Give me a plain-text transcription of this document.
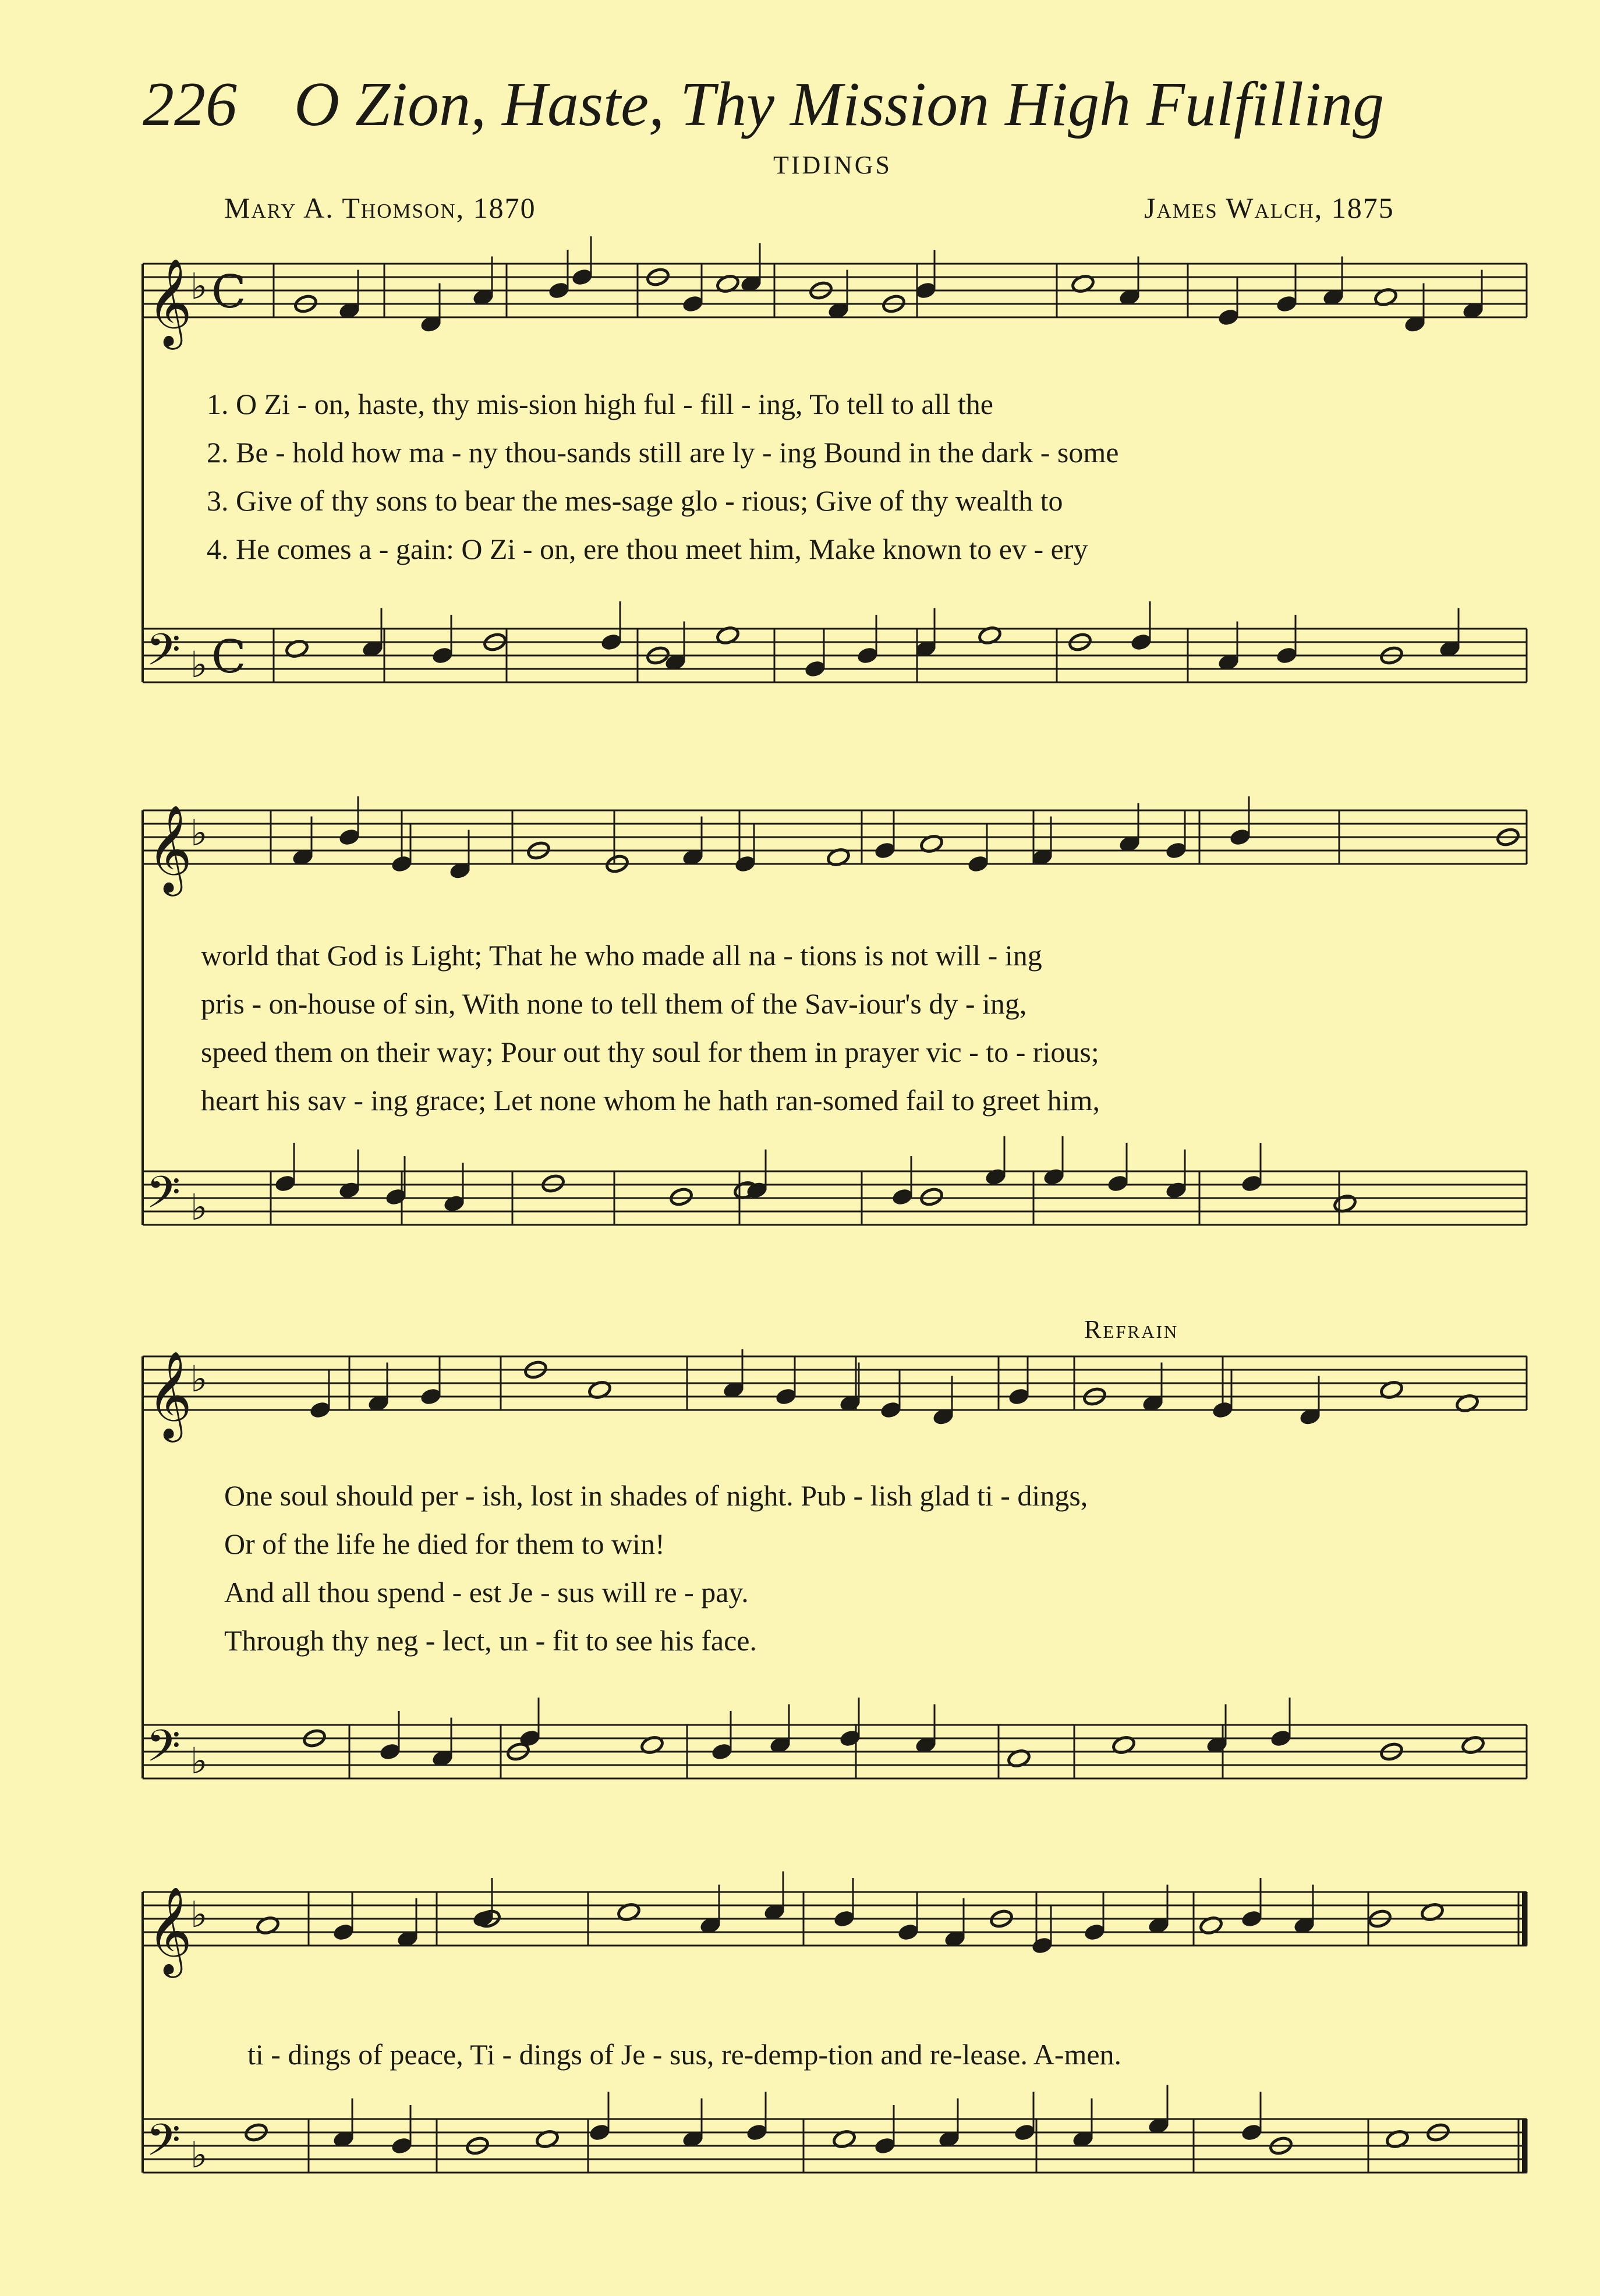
226 O Zion, Haste, Thy Mission High Fulfilling
TIDINGS
Mary A. Thomson, 1870	James Walch, 1875
Refrain
1. O Zi - on, haste, thy mis-sion high ful - fill - ing, To tell to all the
2. Be - hold how ma - ny thou-sands still are ly - ing Bound in the dark - some
3. Give of thy sons to bear the mes-sage glo - rious; Give of thy wealth to
4. He comes a - gain: O Zi - on, ere thou meet him, Make known to ev - ery
world that God is Light; That he who made all na - tions is not will - ing
pris - on-house of sin, With none to tell them of the Sav-iour's dy - ing,
speed them on their way; Pour out thy soul for them in prayer vic - to - rious;
heart his sav - ing grace; Let none whom he hath ran-somed fail to greet him,
One soul should per - ish, lost in shades of night. Pub - lish glad ti - dings,
Or of the life he died for them to win!
And all thou spend - est Je - sus will re - pay.
Through thy neg - lect, un - fit to see his face.
ti - dings of peace, Ti - dings of Je - sus, re-demp-tion and re-lease. A-men.
𝄞
♭ C
𝄢 ♭ C
𝄞
♭
𝄢 ♭
𝄞
♭
𝄢 ♭
𝄞
♭
𝄢 ♭
